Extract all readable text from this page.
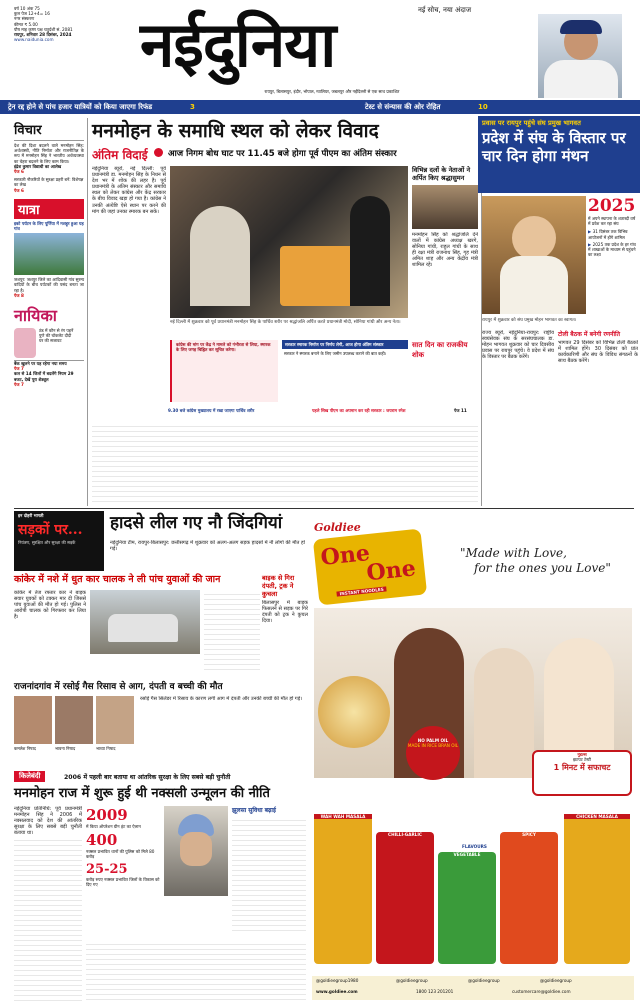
वर्ष 10 अंक 75
कुल पेज 12+4= 16
नगर संस्करण
कीमत ₹ 5.00
पौष माह कृष्ण पक्ष चतुर्दशी सं. 2081
रायपुर, शनिवार 28 दिसंबर, 2024
www.naidunia.com	नईदुनिया	नई सोच, नया अंदाज
रायपुर, बिलासपुर, इंदौर, भोपाल, ग्वालियर, जबलपुर और नईदिल्ली से एक साथ प्रकाशित
ट्रेन रद्द होने से पांच हजार यात्रियों को किया जाएगा रिफंड	3	टेस्ट से संन्यास की ओर रोहित	10
विचार
देश की दिशा बदलने वाले मनमोहन सिंह: अर्थशास्त्री, नीति निर्माता और राजनीतिज्ञ के रूप में मनमोहन सिंह ने भारतीय अर्थव्यवस्था का चेहरा बदलने के लिए काम किया।
इंद्रेश कुमार विद्याधी का आलेख
पेज 6
सरकारी नौकरियों के सुरक्षा प्रहरी बनें: विशेषज्ञ का लेख
पेज 6
यात्रा
इको पर्यटन के लिए पूर्णिया में मशहूर हुआ यह गांव
जशपुर: जशपुर जिले का आदिवासी गांव सुरम्य वादियों के बीच पर्यटकों की पसंद बनता जा रहा है।
पेज 8
नायिका
ठंड में कौन से रंग पहनें
पुणे की चॉकलेट दीदी
घर की सजावट
बैंक खुलने पर यह रहेगा नया समय
पेज 7
कल से 14 जिलों में बदलेंगे नियम 29 बजट, देखें पूरा शेड्यूल
पेज 7
मनमोहन के समाधि स्थल को लेकर विवाद
अंतिम विदाई आज निगम बोध घाट पर 11.45 बजे होगा पूर्व पीएम का अंतिम संस्कार
नईदुनिया ब्यूरो, नई दिल्ली: पूर्व प्रधानमंत्री डा. मनमोहन सिंह के निधन से देश भर में शोक की लहर है। पूर्व प्रधानमंत्री के अंतिम संस्कार और समाधि स्थल को लेकर कांग्रेस और केंद्र सरकार के बीच विवाद खड़ा हो गया है। कांग्रेस ने उनकी अंत्येष्टि ऐसे स्थान पर करने की मांग की जहां उनका स्मारक बन सके।
नई दिल्ली में शुक्रवार को पूर्व प्रधानमंत्री मनमोहन सिंह के पार्थिव शरीर पर श्रद्धांजलि अर्पित करते प्रधानमंत्री मोदी, सोनिया गांधी और अन्य नेता।
विभिन्न दलों के नेताओं ने अर्पित किए श्रद्धासुमन
मनमोहन सिंह को श्रद्धांजलि देने वालों में कांग्रेस अध्यक्ष खरगे, सोनिया गांधी, राहुल गांधी के साथ ही रक्षा मंत्री राजनाथ सिंह, गृह मंत्री अमित शाह और अन्य केंद्रीय मंत्री शामिल रहे।
कांग्रेस की मांग पर केंद्र ने मामले को गंभीरता से लिया, स्मारक के लिए जगह चिह्नित कर सूचित करेगा।
सरकार स्मारक निर्माण पर निर्णय लेगी, आज होगा अंतिम संस्कार
सरकार ने स्मारक बनाने के लिए जमीन उपलब्ध कराने की बात कही।
सात दिन का राजकीय शोक
9.30 बजे कांग्रेस मुख्यालय में रखा जाएगा पार्थिव शरीर	पहले सिख पीएम का अपमान कर रही सरकार : जयराम रमेश	पेज 11
प्रवास पर रायपुर पहुंचे संघ प्रमुख भागवत
प्रदेश में संघ के विस्तार पर चार दिन होगा मंथन
2025
में अपने स्थापना के शताब्दी वर्ष में प्रवेश कर रहा संघ
▶ 31 दिसंबर तक विभिन्न आयोजनों में होंगे शामिल
▶ 2025 तक प्रदेश के हर गांव में शाखाओं के माध्यम से पहुंचने का लक्ष्य
रायपुर में शुक्रवार को संघ प्रमुख मोहन भागवत का स्वागत।
राज्य ब्यूरो, नईदुनिया-रायपुर: राष्ट्रीय स्वयंसेवक संघ के सरसंघचालक डा. मोहन भागवत शुक्रवार को चार दिवसीय प्रवास पर रायपुर पहुंचे। वे प्रदेश में संघ के विस्तार पर बैठक करेंगे।
टोली बैठक में बनेगी रणनीति
भागवत 29 दिसंबर को विभिन्न टोली बैठकों में शामिल होंगे। 30 दिसंबर को प्रांत कार्यकारिणी और संघ के विविध संगठनों के साथ बैठक करेंगे।
इन दोहरी भागती
सड़कों पर...
नियंत्रण, सुरक्षित और सुरक्षा की सड़कें
हादसे लील गए नौ जिंदगियां
नईदुनिया टीम, रायपुर-बिलासपुर: छत्तीसगढ़ में शुक्रवार को अलग-अलग सड़क हादसों में नौ लोगों की मौत हो गई।
कांकेर में नशे में धुत कार चालक ने ली पांच युवाओं की जान
कांकेर में तेज रफ्तार कार ने बाइक सवार युवकों को टक्कर मार दी जिससे पांच युवाओं की मौत हो गई। पुलिस ने आरोपी चालक को गिरफ्तार कर लिया है।
बाइक से गिरा दंपती, ट्रक ने कुचला
बिलासपुर में बाइक फिसलने से सड़क पर गिरे दंपती को ट्रक ने कुचल दिया।
राजनांदगांव में रसोई गैस रिसाव से आग, दंपती व बच्ची की मौत
कमलेश निषाद	भावना निषाद	भाव्या निषाद
रसोई गैस सिलेंडर में रिसाव के कारण लगी आग में दंपती और उनकी बच्ची की मौत हो गई।
Goldiee
One
One
INSTANT NOODLES
"Made with Love,
for the ones you Love"
NO PALM OIL
MADE IN RICE BRAN OIL
नूडल्स
झटपट टेस्टी
1 मिनट में सफाचट
FLAVOURS
WAH WAH MASALA
CHILLI-GARLIC
VEGETABLE
SPICY
CHICKEN MASALA
@goldieegroup1980	@goldieegroup	@goldieegroup	@goldieegroup
www.goldiee.com	1800 123 201201	customercare@goldiee.com
किलेबंदी	2006 में पहली बार बताया था आंतरिक सुरक्षा के लिए सबसे बड़ी चुनौती
मनमोहन राज में शुरू हुई थी नक्सली उन्मूलन की नीति
नईदुनिया प्रतिनिधि: पूर्व प्रधानमंत्री मनमोहन सिंह ने 2006 में नक्सलवाद को देश की आंतरिक सुरक्षा के लिए सबसे बड़ी चुनौती बताया था।
2009
में किया ऑपरेशन ग्रीन हंट का ऐलान
400
नक्सल प्रभावित थानों की पुलिस को मिले 80 करोड़
25-25
करोड़ रुपए नक्सल प्रभावित जिलों के विकास को दिए गए
झूलसा सुविधा बढ़ाई
